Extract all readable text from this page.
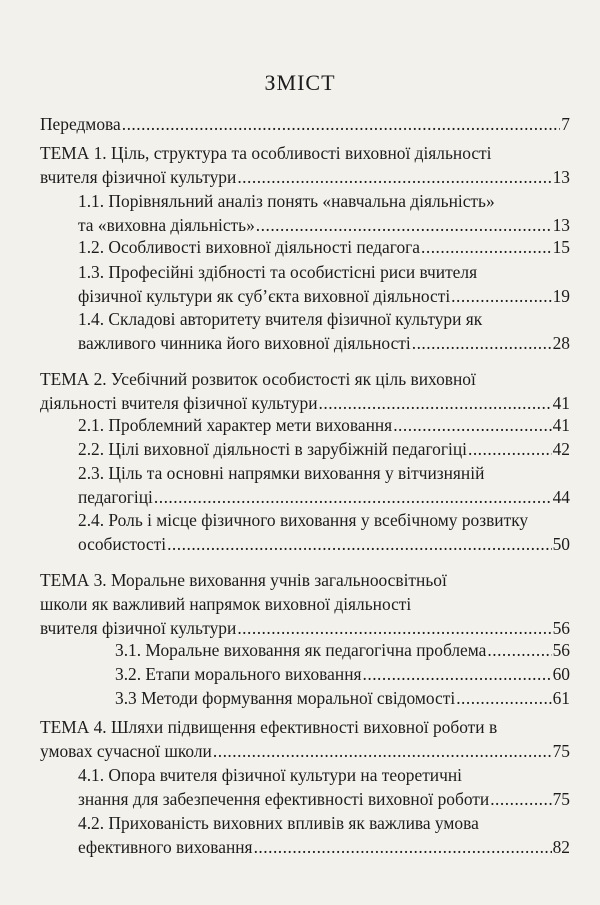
ЗМІСТ
Передмова .....	7
ТЕМА 1. Ціль, структура та особливості виховної діяльності
вчителя фізичної культури .....	13
1.1. Порівняльний аналіз понять «навчальна діяльність»
та «виховна діяльність» .....	13
1.2. Особливості виховної діяльності педагога .....	15
1.3. Професійні здібності та особистісні риси вчителя
фізичної культури як суб’єкта виховної діяльності .....	19
1.4. Складові авторитету вчителя фізичної культури як
важливого чинника його виховної діяльності .....	28
ТЕМА 2. Усебічний розвиток особистості як ціль виховної
діяльності вчителя фізичної культури .....	41
2.1. Проблемний характер мети виховання .....	41
2.2. Цілі виховної діяльності в зарубіжній педагогіці .....	42
2.3. Ціль та основні напрямки виховання у вітчизняній
педагогіці .....	44
2.4. Роль і місце фізичного виховання у всебічному розвитку
особистості .....	50
ТЕМА 3. Моральне виховання учнів загальноосвітньої
школи як важливий напрямок виховної діяльності
вчителя фізичної культури .....	56
3.1. Моральне виховання як педагогічна проблема .....	56
3.2. Етапи морального виховання .....	60
3.3 Методи формування моральної свідомості .....	61
ТЕМА 4. Шляхи підвищення ефективності виховної роботи в
умовах сучасної школи .....	75
4.1. Опора вчителя фізичної культури на теоретичні
знання для забезпечення ефективності виховної роботи .....	75
4.2. Прихованість виховних впливів як важлива умова
ефективного виховання .....	82
